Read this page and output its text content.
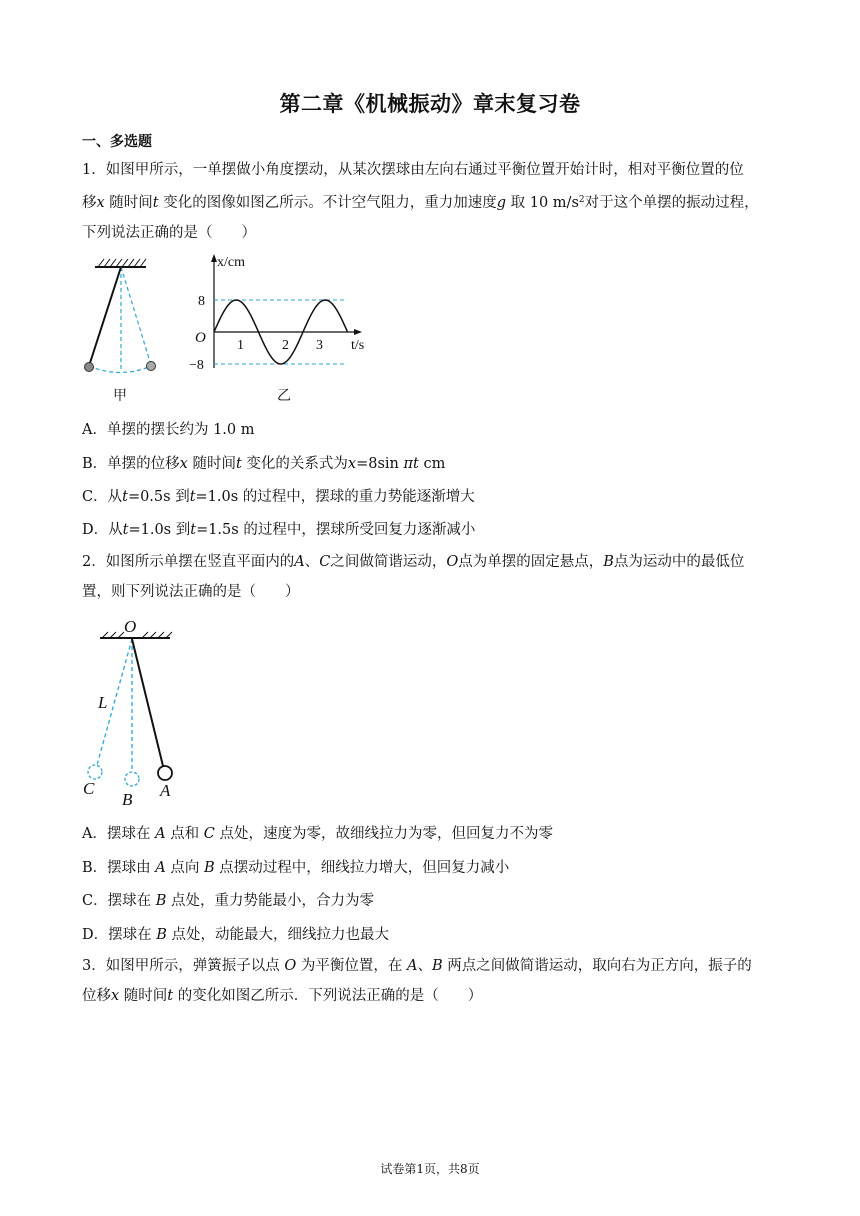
第二章《机械振动》章末复习卷
一、多选题
1．如图甲所示，一单摆做小角度摆动，从某次摆球由左向右通过平衡位置开始计时，相对平衡位置的位
移x 随时间t 变化的图像如图乙所示。不计空气阻力，重力加速度g 取 10 $m/s^2$对于这个单摆的振动过程，
下列说法正确的是（　　）
甲
x/cm
t/s
O
8
−8
1	2 3
乙
A．单摆的摆长约为 1.0 m
B．单摆的位移x 随时间t 变化的关系式为x=8sin πt cm
C．从t=0.5s 到t=1.0s 的过程中，摆球的重力势能逐渐增大
D．从t=1.0s 到t=1.5s 的过程中，摆球所受回复力逐渐减小
2．如图所示单摆在竖直平面内的A、C之间做简谐运动，O点为单摆的固定悬点，B点为运动中的最低位
置，则下列说法正确的是（　　）
O
L
C
B A
A．摆球在 A 点和 C 点处，速度为零，故细线拉力为零，但回复力不为零
B．摆球由 A 点向 B 点摆动过程中，细线拉力增大，但回复力减小
C．摆球在 B 点处，重力势能最小，合力为零
D．摆球在 B 点处，动能最大，细线拉力也最大
3．如图甲所示，弹簧振子以点 O 为平衡位置，在 A、B 两点之间做简谐运动，取向右为正方向，振子的
位移x 随时间t 的变化如图乙所示．下列说法正确的是（　　）
试卷第1页，共8页
